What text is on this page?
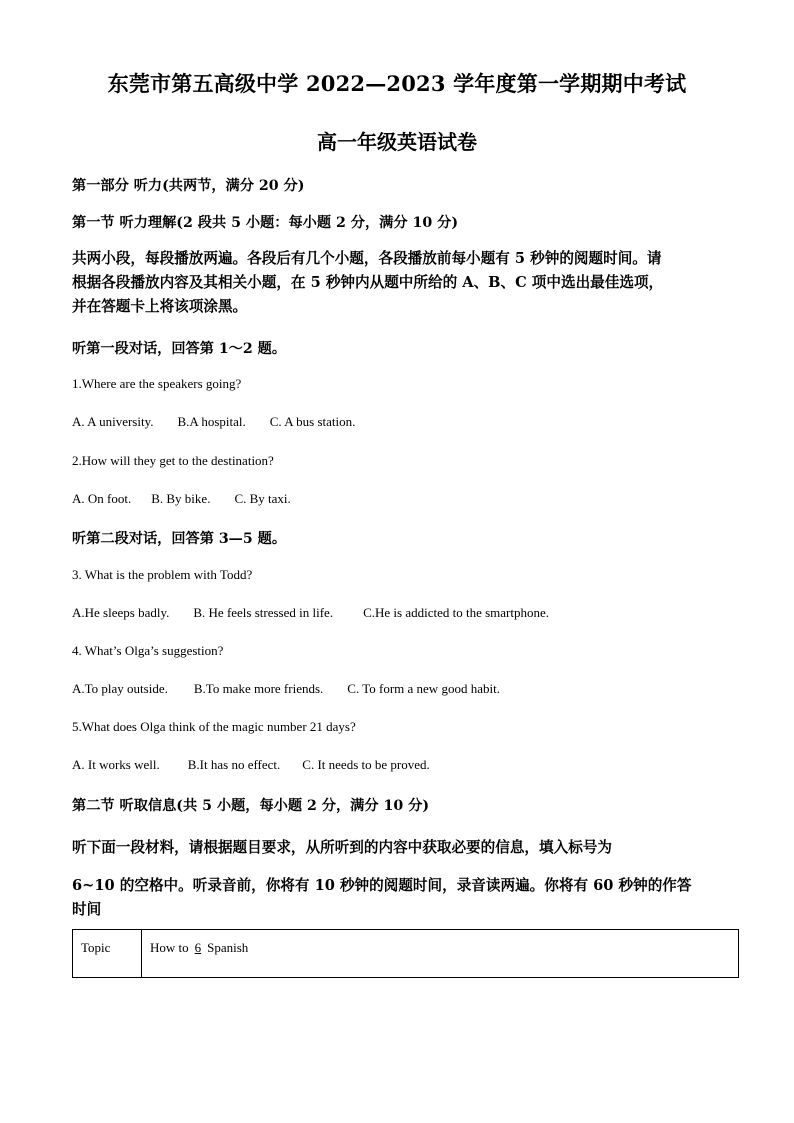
东莞市第五高级中学 2022—2023 学年度第一学期期中考试
高一年级英语试卷
第一部分 听力(共两节，满分 20 分)
第一节 听力理解(2 段共 5 小题：每小题 2 分，满分 10 分)
共两小段，每段播放两遍。各段后有几个小题，各段播放前每小题有 5 秒钟的阅题时间。请
根据各段播放内容及其相关小题，在 5 秒钟内从题中所给的 A、B、C 项中选出最佳选项，
并在答题卡上将该项涂黑。
听第一段对话，回答第 1～2 题。
1.Where are the speakers going?
A. A university. B.A hospital. C. A bus station.
2.How will they get to the destination?
A. On foot. B. By bike. C. By taxi.
听第二段对话，回答第 3—5 题。
3. What is the problem with Todd?
A.He sleeps badly. B. He feels stressed in life. C.He is addicted to the smartphone.
4. What’s Olga’s suggestion?
A.To play outside. B.To make more friends. C. To form a new good habit.
5.What does Olga think of the magic number 21 days?
A. It works well. B.It has no effect. C. It needs to be proved.
第二节 听取信息(共 5 小题，每小题 2 分，满分 10 分)
听下面一段材料，请根据题目要求，从所听到的内容中获取必要的信息，填入标号为
6~10 的空格中。听录音前，你将有 10 秒钟的阅题时间，录音读两遍。你将有 60 秒钟的作答
时间
Topic	How to 6 Spanish
